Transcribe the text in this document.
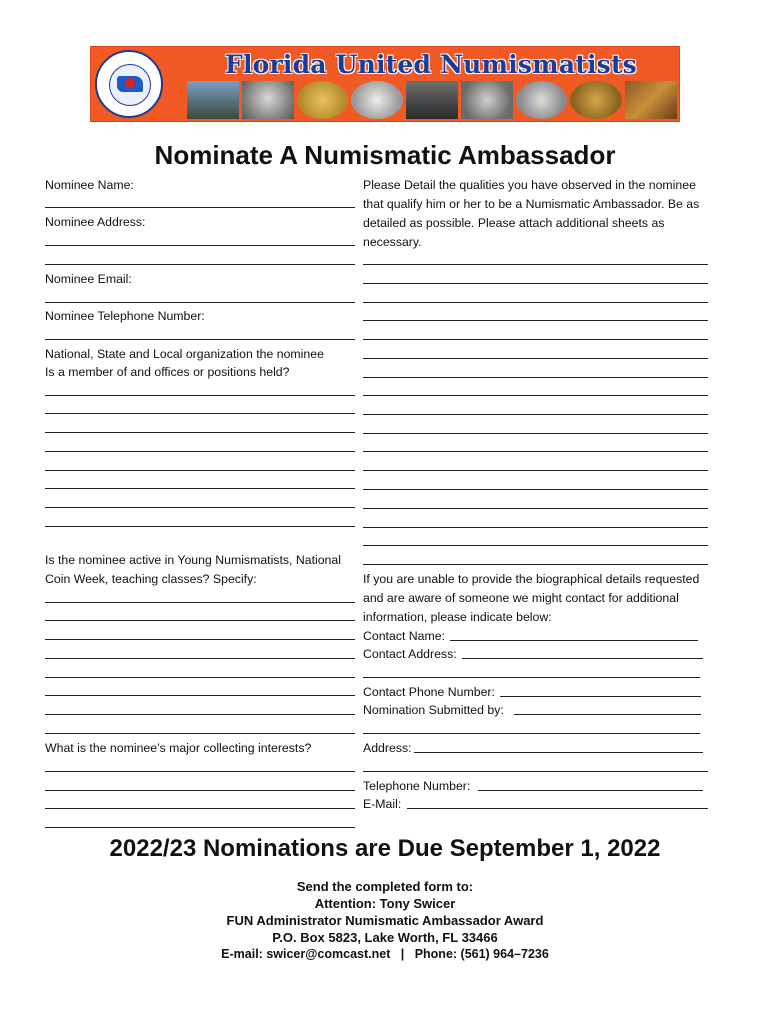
Florida United Numismatists
Nominate A Numismatic Ambassador
Nominee Name:
Nominee Address:
Nominee Email:
Nominee Telephone Number:
National, State and Local organization the nominee
Is a member of and offices or positions held?
Is the nominee active in Young Numismatists, National
Coin Week, teaching classes? Specify:
What is the nominee’s major collecting interests?
Please Detail the qualities you have observed in the nominee that qualify him or her to be a Numismatic Ambassador. Be as detailed as possible. Please attach additional sheets as necessary.
If you are unable to provide the biographical details requested and are aware of someone we might contact for additional information, please indicate below:
Contact Name:
Contact Address:
Contact Phone Number:
Nomination Submitted by:
Address:
Telephone Number:
E-Mail:
2022/23 Nominations are Due September 1, 2022
Send the completed form to:
Attention: Tony Swicer
FUN Administrator Numismatic Ambassador Award
P.O. Box 5823, Lake Worth, FL 33466
E-mail: swicer@comcast.net   |   Phone: (561) 964–7236
